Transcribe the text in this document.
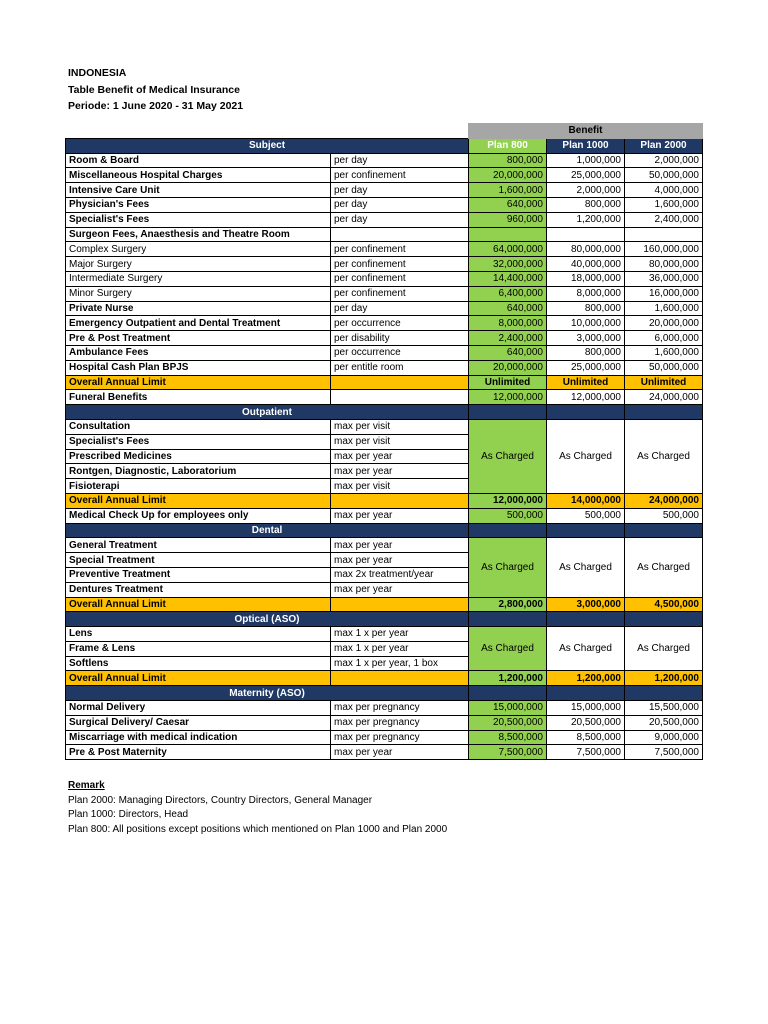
INDONESIA
Table Benefit of Medical Insurance
Periode: 1 June 2020 - 31 May 2021
		Benefit		
Subject		Plan 800	Plan 1000	Plan 2000
Room & Board	per day	800,000	1,000,000	2,000,000
Miscellaneous Hospital Charges	per confinement	20,000,000	25,000,000	50,000,000
Intensive Care Unit	per day	1,600,000	2,000,000	4,000,000
Physician's Fees	per day	640,000	800,000	1,600,000
Specialist's Fees	per day	960,000	1,200,000	2,400,000
Surgeon Fees, Anaesthesis and Theatre Room				
Complex Surgery	per confinement	64,000,000	80,000,000	160,000,000
Major Surgery	per confinement	32,000,000	40,000,000	80,000,000
Intermediate Surgery	per confinement	14,400,000	18,000,000	36,000,000
Minor Surgery	per confinement	6,400,000	8,000,000	16,000,000
Private Nurse	per day	640,000	800,000	1,600,000
Emergency Outpatient and Dental Treatment	per occurrence	8,000,000	10,000,000	20,000,000
Pre & Post Treatment	per disability	2,400,000	3,000,000	6,000,000
Ambulance Fees	per occurrence	640,000	800,000	1,600,000
Hospital Cash Plan BPJS	per entitle room	20,000,000	25,000,000	50,000,000
Overall Annual Limit		Unlimited	Unlimited	Unlimited
Funeral Benefits		12,000,000	12,000,000	24,000,000
Outpatient				
Consultation	max per visit	As Charged	As Charged	As Charged
Specialist's Fees	max per visit			
Prescribed Medicines	max per year			
Rontgen, Diagnostic, Laboratorium	max per year			
Fisioterapi	max per visit			
Overall Annual Limit		12,000,000	14,000,000	24,000,000
Medical Check Up for employees only	max per year	500,000	500,000	500,000
Dental				
General Treatment	max per year	As Charged	As Charged	As Charged
Special Treatment	max per year			
Preventive Treatment	max 2x treatment/year			
Dentures Treatment	max per year			
Overall Annual Limit		2,800,000	3,000,000	4,500,000
Optical (ASO)				
Lens	max 1 x per year	As Charged	As Charged	As Charged
Frame & Lens	max 1 x per year			
Softlens	max 1 x per year, 1 box			
Overall Annual Limit		1,200,000	1,200,000	1,200,000
Maternity (ASO)				
Normal Delivery	max per pregnancy	15,000,000	15,000,000	15,500,000
Surgical Delivery/ Caesar	max per pregnancy	20,500,000	20,500,000	20,500,000
Miscarriage with medical indication	max per pregnancy	8,500,000	8,500,000	9,000,000
Pre & Post Maternity	max per year	7,500,000	7,500,000	7,500,000
Remark
Plan 2000: Managing Directors, Country Directors, General Manager
Plan 1000: Directors, Head
Plan 800: All positions except positions which mentioned on Plan 1000 and Plan 2000
